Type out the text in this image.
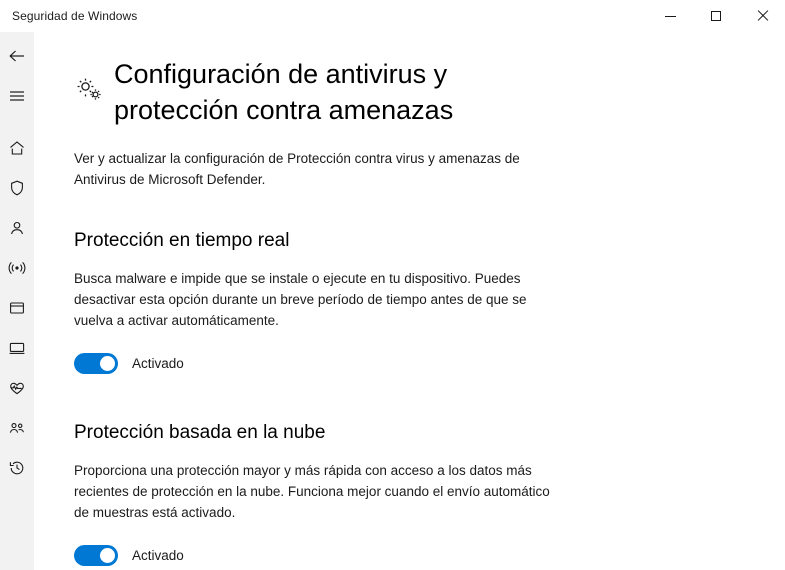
Seguridad de Windows
Configuración de antivirus y protección contra amenazas
Ver y actualizar la configuración de Protección contra virus y amenazas de Antivirus de Microsoft Defender.
Protección en tiempo real
Busca malware e impide que se instale o ejecute en tu dispositivo. Puedes desactivar esta opción durante un breve período de tiempo antes de que se vuelva a activar automáticamente.
Activado
Protección basada en la nube
Proporciona una protección mayor y más rápida con acceso a los datos más recientes de protección en la nube. Funciona mejor cuando el envío automático de muestras está activado.
Activado
